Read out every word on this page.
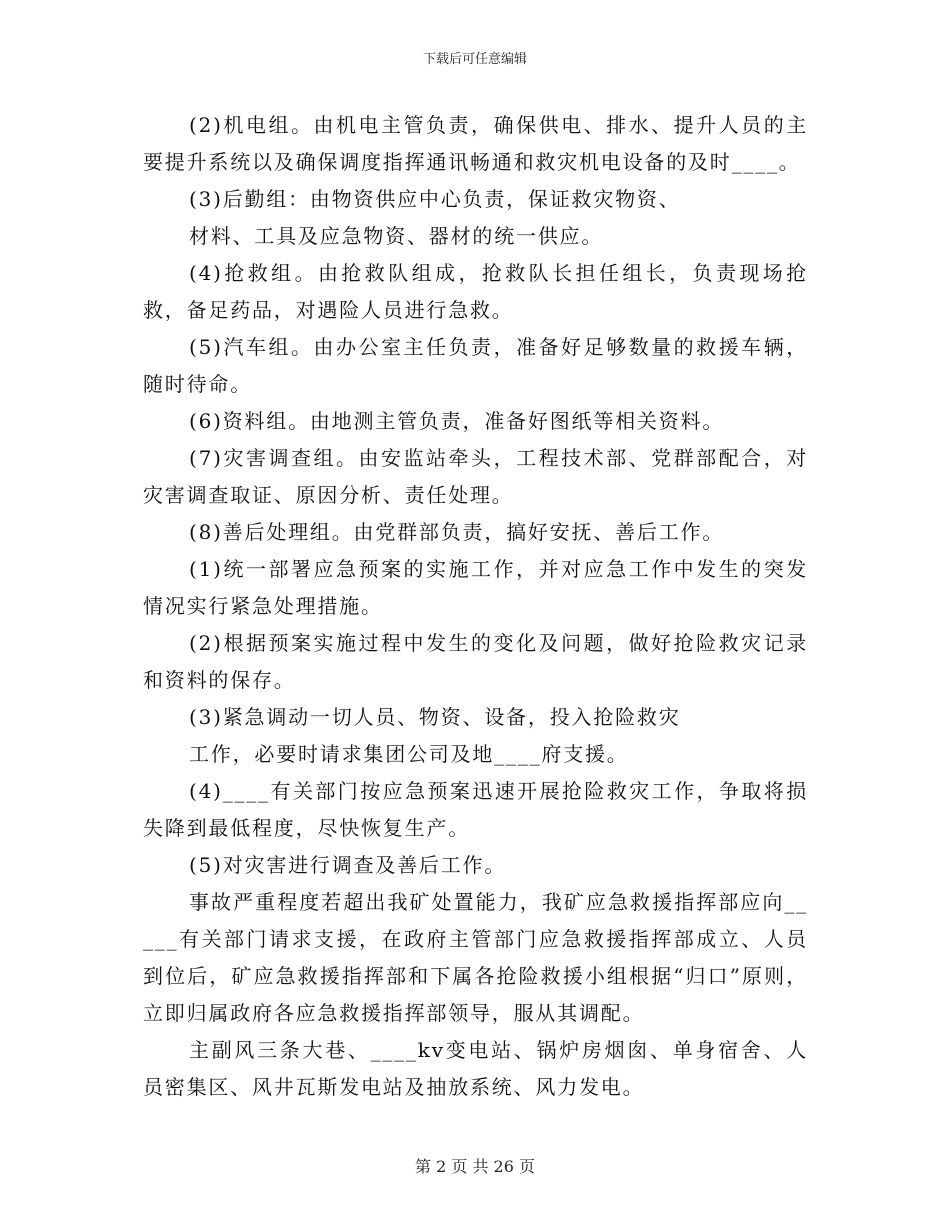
下载后可任意编辑

(2)机电组。由机电主管负责，确保供电、排水、提升人员的主要提升系统以及确保调度指挥通讯畅通和救灾机电设备的及时____。

(3)后勤组：由物资供应中心负责，保证救灾物资、

材料、工具及应急物资、器材的统一供应。

(4)抢救组。由抢救队组成，抢救队长担任组长，负责现场抢救，备足药品，对遇险人员进行急救。

(5)汽车组。由办公室主任负责，准备好足够数量的救援车辆，随时待命。

(6)资料组。由地测主管负责，准备好图纸等相关资料。

(7)灾害调查组。由安监站牵头，工程技术部、党群部配合，对灾害调查取证、原因分析、责任处理。

(8)善后处理组。由党群部负责，搞好安抚、善后工作。

(1)统一部署应急预案的实施工作，并对应急工作中发生的突发情况实行紧急处理措施。

(2)根据预案实施过程中发生的变化及问题，做好抢险救灾记录和资料的保存。

(3)紧急调动一切人员、物资、设备，投入抢险救灾

工作，必要时请求集团公司及地____府支援。

(4)____有关部门按应急预案迅速开展抢险救灾工作，争取将损失降到最低程度，尽快恢复生产。

(5)对灾害进行调查及善后工作。

事故严重程度若超出我矿处置能力，我矿应急救援指挥部应向_____有关部门请求支援，在政府主管部门应急救援指挥部成立、人员到位后，矿应急救援指挥部和下属各抢险救援小组根据“归口”原则，立即归属政府各应急救援指挥部领导，服从其调配。

主副风三条大巷、____kv变电站、锅炉房烟囱、单身宿舍、人员密集区、风井瓦斯发电站及抽放系统、风力发电。

第 2 页 共 26 页
